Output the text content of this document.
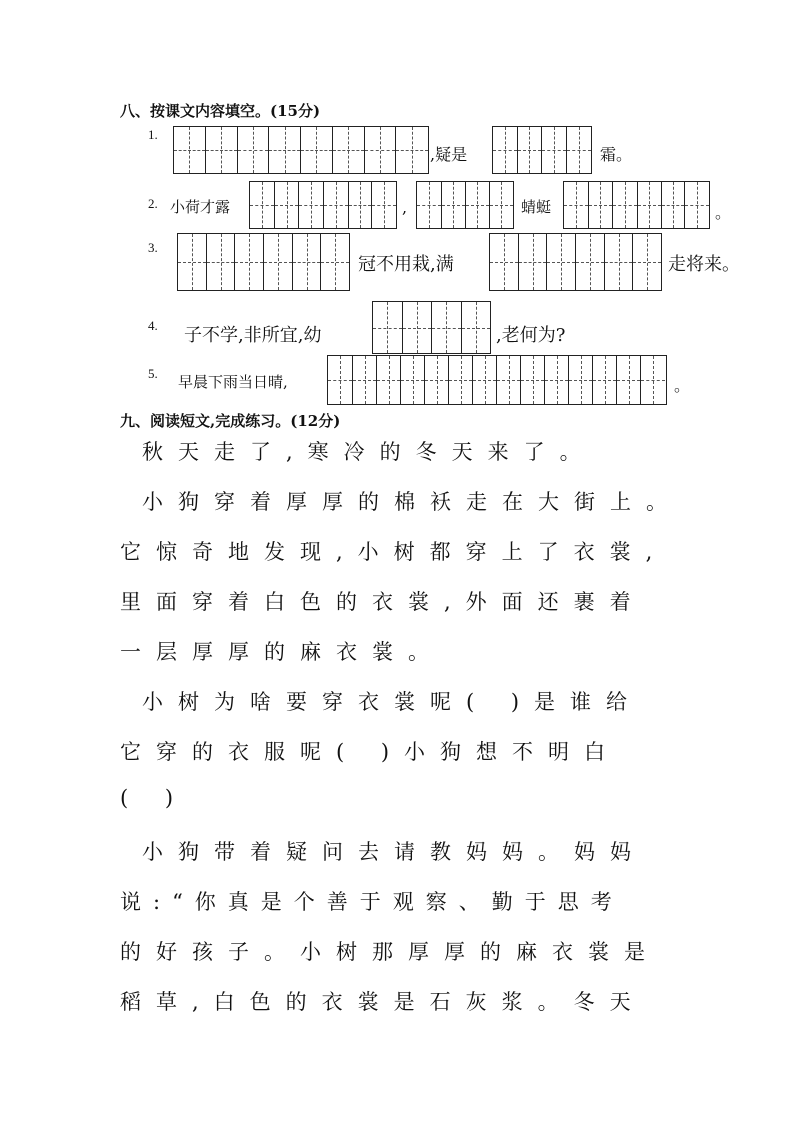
八、按课文内容填空。(15分)
1.
,疑是	霜。
2. 小荷才露	,	蜻蜓	。
3.
冠不用栽,满	走将来。
4. 子不学,非所宜,幼	,老何为?
5. 早晨下雨当日晴,	。
九、阅读短文,完成练习。(12分)
秋天走了,寒冷的冬天来了。
小狗穿着厚厚的棉袄走在大街上。
它惊奇地发现,小树都穿上了衣裳,
里面穿着白色的衣裳,外面还裹着
一层厚厚的麻衣裳。
小树为啥要穿衣裳呢( )是谁给
它穿的衣服呢( )小狗想不明白
( )
小狗带着疑问去请教妈妈。妈妈
说:“你真是个善于观察、勤于思考
的好孩子。小树那厚厚的麻衣裳是
稻草,白色的衣裳是石灰浆。冬天
